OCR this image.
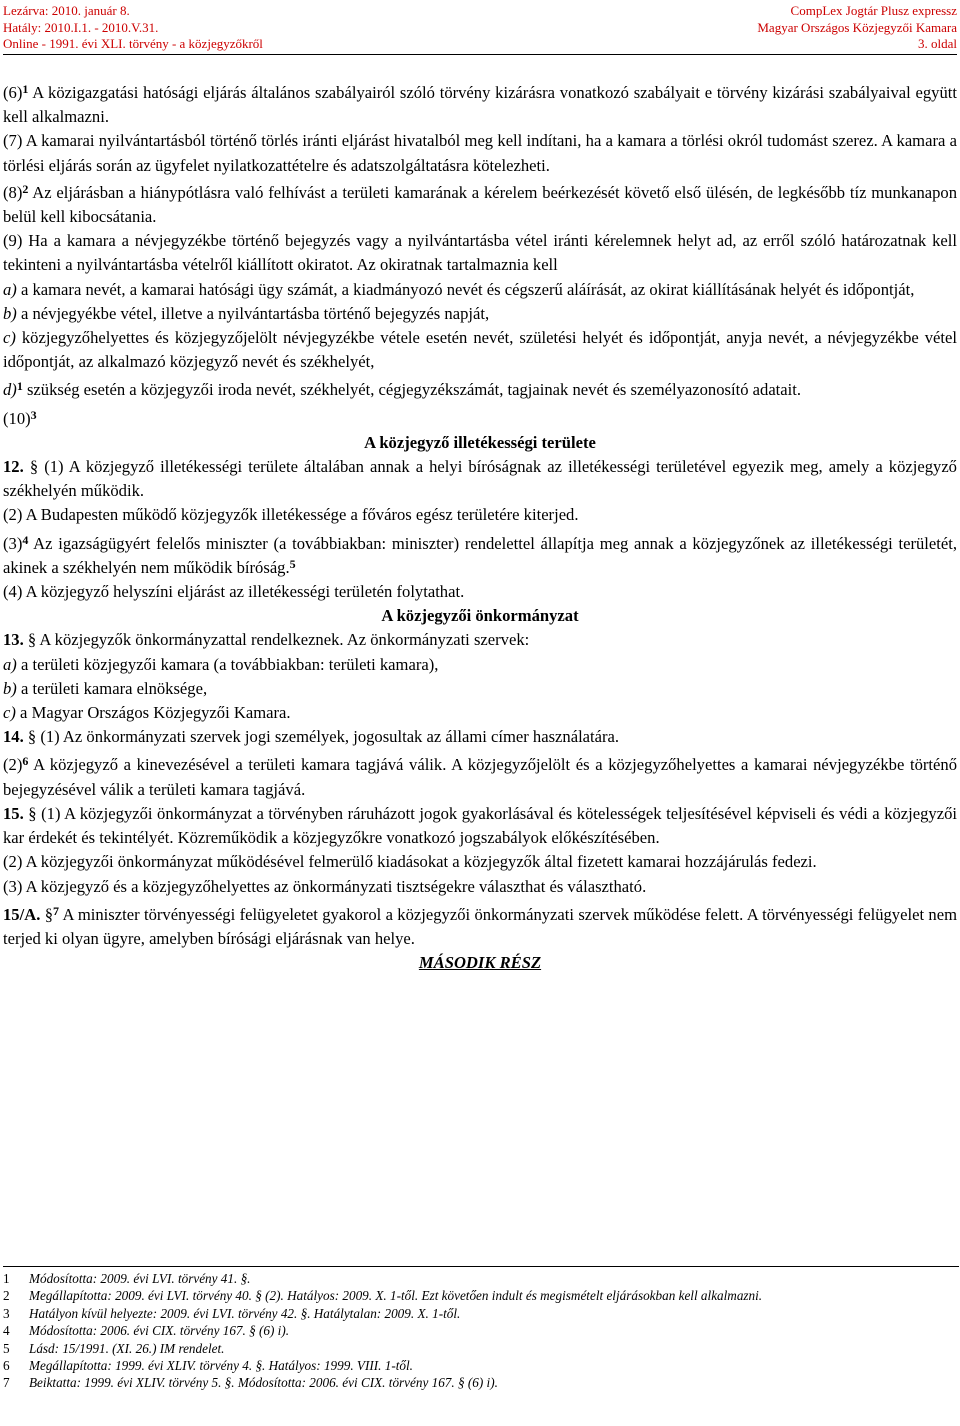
Lezárva: 2010. január 8.
Hatály: 2010.I.1. - 2010.V.31.
Online - 1991. évi XLI. törvény - a közjegyzőkről
CompLex Jogtár Plusz expressz
Magyar Országos Közjegyzői Kamara
3. oldal

$(6)^1$ A közigazgatási hatósági eljárás általános szabályairól szóló törvény kizárásra vonatkozó szabályait e törvény kizárási szabályaival együtt kell alkalmazni.

(7) A kamarai nyilvántartásból történő törlés iránti eljárást hivatalból meg kell indítani, ha a kamara a törlési okról tudomást szerez. A kamara a törlési eljárás során az ügyfelet nyilatkozattételre és adatszolgáltatásra kötelezheti.

$(8)^2$ Az eljárásban a hiánypótlásra való felhívást a területi kamarának a kérelem beérkezését követő első ülésén, de legkésőbb tíz munkanapon belül kell kibocsátania.

(9) Ha a kamara a névjegyzékbe történő bejegyzés vagy a nyilvántartásba vétel iránti kérelemnek helyt ad, az erről szóló határozatnak kell tekinteni a nyilvántartásba vételről kiállított okiratot. Az okiratnak tartalmaznia kell

a) a kamara nevét, a kamarai hatósági ügy számát, a kiadmányozó nevét és cégszerű aláírását, az okirat kiállításának helyét és időpontját,

b) a névjegyékbe vétel, illetve a nyilvántartásba történő bejegyzés napját,

c) közjegyzőhelyettes és közjegyzőjelölt névjegyzékbe vétele esetén nevét, születési helyét és időpontját, anyja nevét, a névjegyzékbe vétel időpontját, az alkalmazó közjegyző nevét és székhelyét,

d)$^1$ szükség esetén a közjegyzői iroda nevét, székhelyét, cégjegyzékszámát, tagjainak nevét és személyazonosító adatait.

$(10)^3$

A közjegyző illetékességi területe

12. § (1) A közjegyző illetékességi területe általában annak a helyi bíróságnak az illetékességi területével egyezik meg, amely a közjegyző székhelyén működik.

(2) A Budapesten működő közjegyzők illetékessége a főváros egész területére kiterjed.

$(3)^4$ Az igazságügyért felelős miniszter (a továbbiakban: miniszter) rendelettel állapítja meg annak a közjegyzőnek az illetékességi területét, akinek a székhelyén nem működik bíróság.$^5$

(4) A közjegyző helyszíni eljárást az illetékességi területén folytathat.

A közjegyzői önkormányzat

13. § A közjegyzők önkormányzattal rendelkeznek. Az önkormányzati szervek:

a) a területi közjegyzői kamara (a továbbiakban: területi kamara),

b) a területi kamara elnöksége,

c) a Magyar Országos Közjegyzői Kamara.

14. § (1) Az önkormányzati szervek jogi személyek, jogosultak az állami címer használatára.

$(2)^6$ A közjegyző a kinevezésével a területi kamara tagjává válik. A közjegyzőjelölt és a közjegyzőhelyettes a kamarai névjegyzékbe történő bejegyzésével válik a területi kamara tagjává.

15. § (1) A közjegyzői önkormányzat a törvényben ráruházott jogok gyakorlásával és kötelességek teljesítésével képviseli és védi a közjegyzői kar érdekét és tekintélyét. Közreműködik a közjegyzőkre vonatkozó jogszabályok előkészítésében.

(2) A közjegyzői önkormányzat működésével felmerülő kiadásokat a közjegyzők által fizetett kamarai hozzájárulás fedezi.

(3) A közjegyző és a közjegyzőhelyettes az önkormányzati tisztségekre választhat és választható.

15/A. §$^7$ A miniszter törvényességi felügyeletet gyakorol a közjegyzői önkormányzati szervek működése felett. A törvényességi felügyelet nem terjed ki olyan ügyre, amelyben bírósági eljárásnak van helye.

MÁSODIK RÉSZ

1 Módosította: 2009. évi LVI. törvény 41. §.

2 Megállapította: 2009. évi LVI. törvény 40. § (2). Hatályos: 2009. X. 1-től. Ezt követően indult és megismételt eljárásokban kell alkalmazni.

3 Hatályon kívül helyezte: 2009. évi LVI. törvény 42. §. Hatálytalan: 2009. X. 1-től.

4 Módosította: 2006. évi CIX. törvény 167. § (6) i).

5 Lásd: 15/1991. (XI. 26.) IM rendelet.

6 Megállapította: 1999. évi XLIV. törvény 4. §. Hatályos: 1999. VIII. 1-től.

7 Beiktatta: 1999. évi XLIV. törvény 5. §. Módosította: 2006. évi CIX. törvény 167. § (6) i).
